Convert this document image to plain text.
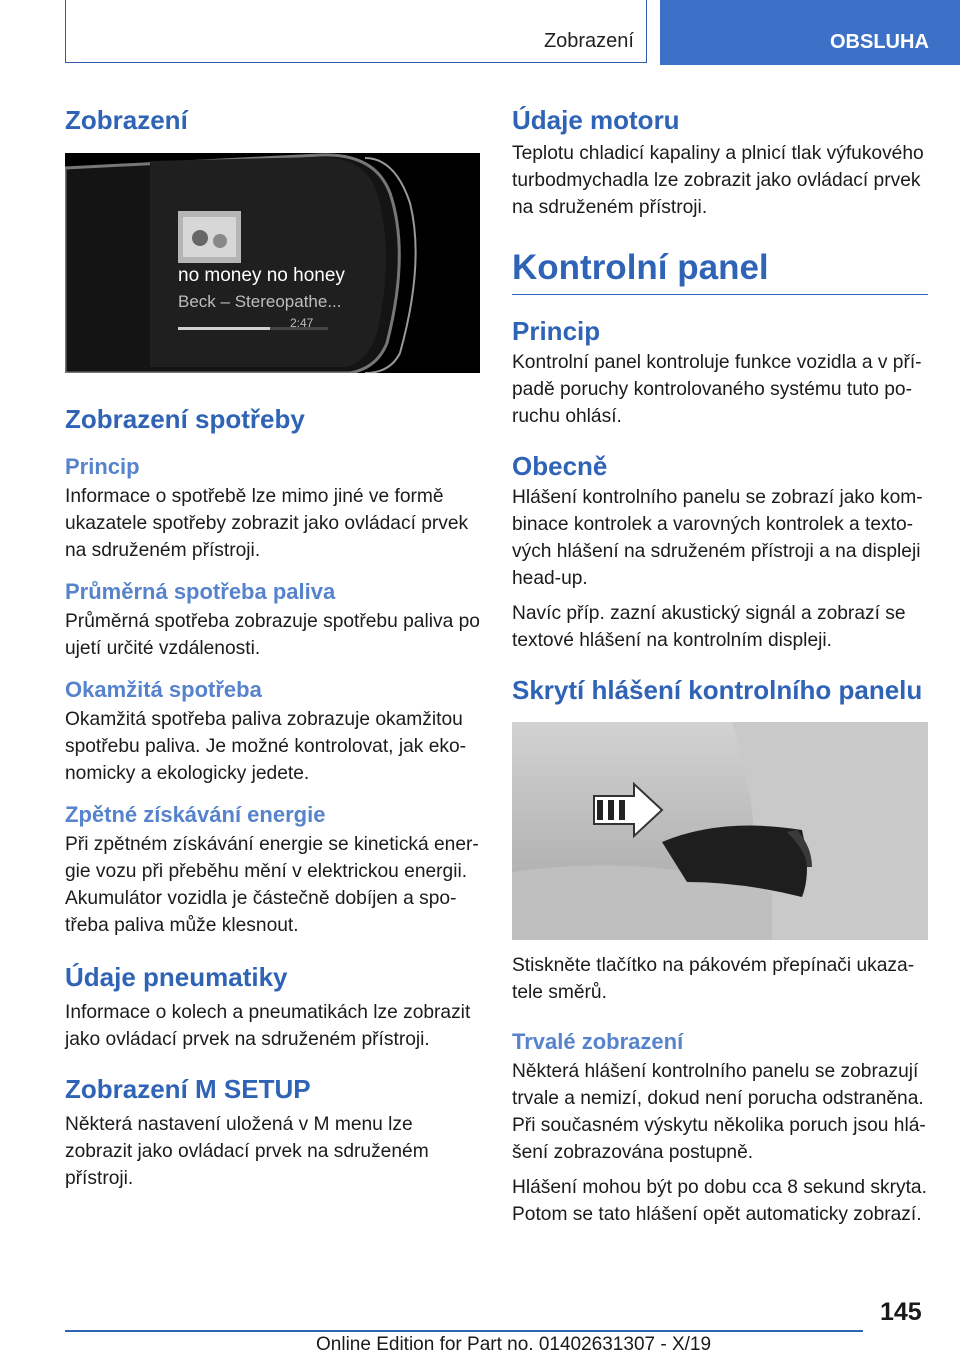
Zobrazení	OBSLUHA
Zobrazení
no money no honey
Beck – Stereopathe...
2:47
Zobrazení spotřeby
Princip

Informace o spotřebě lze mimo jiné ve formě ukazatele spotřeby zobrazit jako ovládací prvek na sdruženém přístroji.

Průměrná spotřeba paliva

Průměrná spotřeba zobrazuje spotřebu paliva po ujetí určité vzdálenosti.

Okamžitá spotřeba

Okamžitá spotřeba paliva zobrazuje okamžitou spotřebu paliva. Je možné kontrolovat, jak ekonomicky a ekologicky jedete.

Zpětné získávání energie

Při zpětném získávání energie se kinetická energie vozu při přeběhu mění v elektrickou energii. Akumulátor vozidla je částečně dobíjen a spotřeba paliva může klesnout.

Údaje pneumatiky

Informace o kolech a pneumatikách lze zobrazit jako ovládací prvek na sdruženém přístroji.

Zobrazení M SETUP

Některá nastavení uložená v M menu lze zobrazit jako ovládací prvek na sdruženém přístroji.

Údaje motoru

Teplotu chladicí kapaliny a plnicí tlak výfukového turbodmychadla lze zobrazit jako ovládací prvek na sdruženém přístroji.

Kontrolní panel
Princip

Kontrolní panel kontroluje funkce vozidla a v případě poruchy kontrolovaného systému tuto poruchu ohlásí.

Obecně

Hlášení kontrolního panelu se zobrazí jako kombinace kontrolek a varovných kontrolek a textových hlášení na sdruženém přístroji a na displeji head-up.

Navíc příp. zazní akustický signál a zobrazí se textové hlášení na kontrolním displeji.

Skrytí hlášení kontrolního panelu

Stiskněte tlačítko na pákovém přepínači ukazatele směrů.

Trvalé zobrazení

Některá hlášení kontrolního panelu se zobrazují trvale a nemizí, dokud není porucha odstraněna. Při současném výskytu několika poruch jsou hlášení zobrazována postupně.

Hlášení mohou být po dobu cca 8 sekund skryta. Potom se tato hlášení opět automaticky zobrazí.

145
Online Edition for Part no. 01402631307 - X/19
